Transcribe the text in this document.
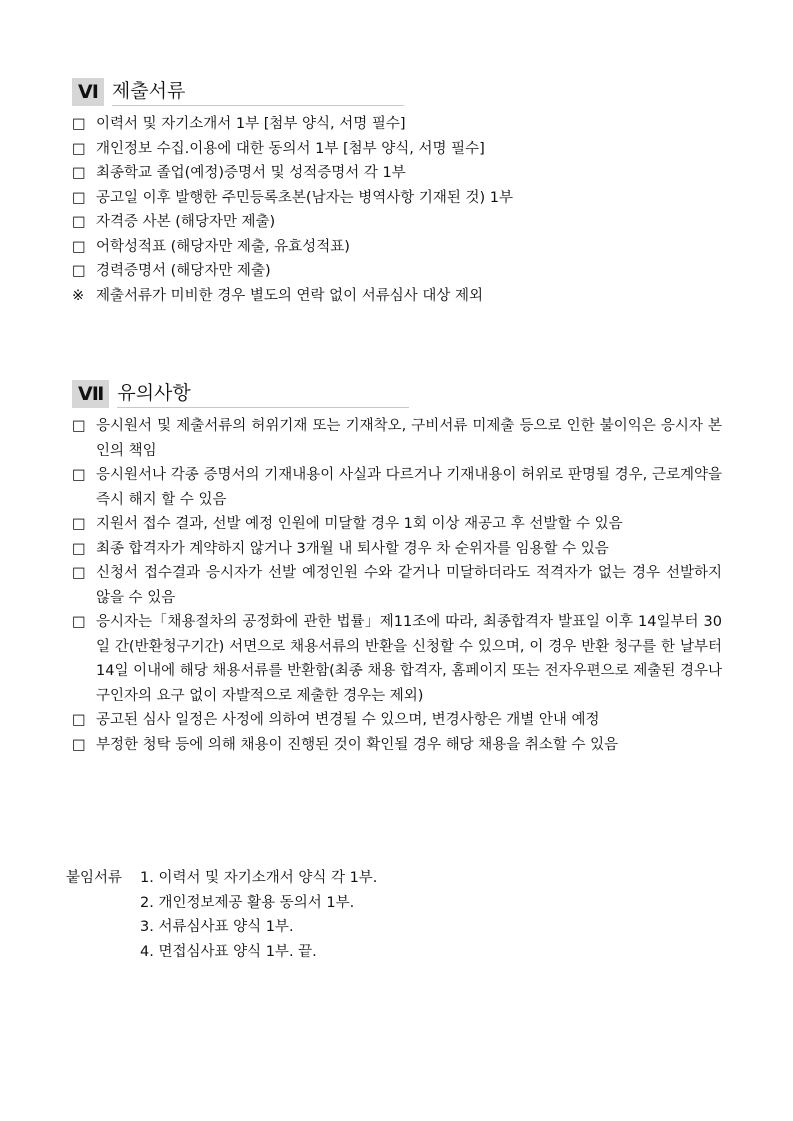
Ⅵ 제출서류
□ 이력서 및 자기소개서 1부 [첨부 양식, 서명 필수]
□ 개인정보 수집.이용에 대한 동의서 1부 [첨부 양식, 서명 필수]
□ 최종학교 졸업(예정)증명서 및 성적증명서 각 1부
□ 공고일 이후 발행한 주민등록초본(남자는 병역사항 기재된 것) 1부
□ 자격증 사본 (해당자만 제출)
□ 어학성적표 (해당자만 제출, 유효성적표)
□ 경력증명서 (해당자만 제출)
※ 제출서류가 미비한 경우 별도의 연락 없이 서류심사 대상 제외
Ⅶ 유의사항
□ 응시원서 및 제출서류의 허위기재 또는 기재착오, 구비서류 미제출 등으로 인한 불이익은 응시자 본인의 책임
□ 응시원서나 각종 증명서의 기재내용이 사실과 다르거나 기재내용이 허위로 판명될 경우, 근로계약을 즉시 해지 할 수 있음
□ 지원서 접수 결과, 선발 예정 인원에 미달할 경우 1회 이상 재공고 후 선발할 수 있음
□ 최종 합격자가 계약하지 않거나 3개월 내 퇴사할 경우 차 순위자를 임용할 수 있음
□ 신청서 접수결과 응시자가 선발 예정인원 수와 같거나 미달하더라도 적격자가 없는 경우 선발하지 않을 수 있음
□ 응시자는「채용절차의 공정화에 관한 법률」제11조에 따라, 최종합격자 발표일 이후 14일부터 30일 간(반환청구기간) 서면으로 채용서류의 반환을 신청할 수 있으며, 이 경우 반환 청구를 한 날부터 14일 이내에 해당 채용서류를 반환함(최종 채용 합격자, 홈페이지 또는 전자우편으로 제출된 경우나 구인자의 요구 없이 자발적으로 제출한 경우는 제외)
□ 공고된 심사 일정은 사정에 의하여 변경될 수 있으며, 변경사항은 개별 안내 예정
□ 부정한 청탁 등에 의해 채용이 진행된 것이 확인될 경우 해당 채용을 취소할 수 있음
붙임서류	1. 이력서 및 자기소개서 양식 각 1부.
2. 개인정보제공 활용 동의서 1부.
3. 서류심사표 양식 1부.
4. 면접심사표 양식 1부. 끝.
